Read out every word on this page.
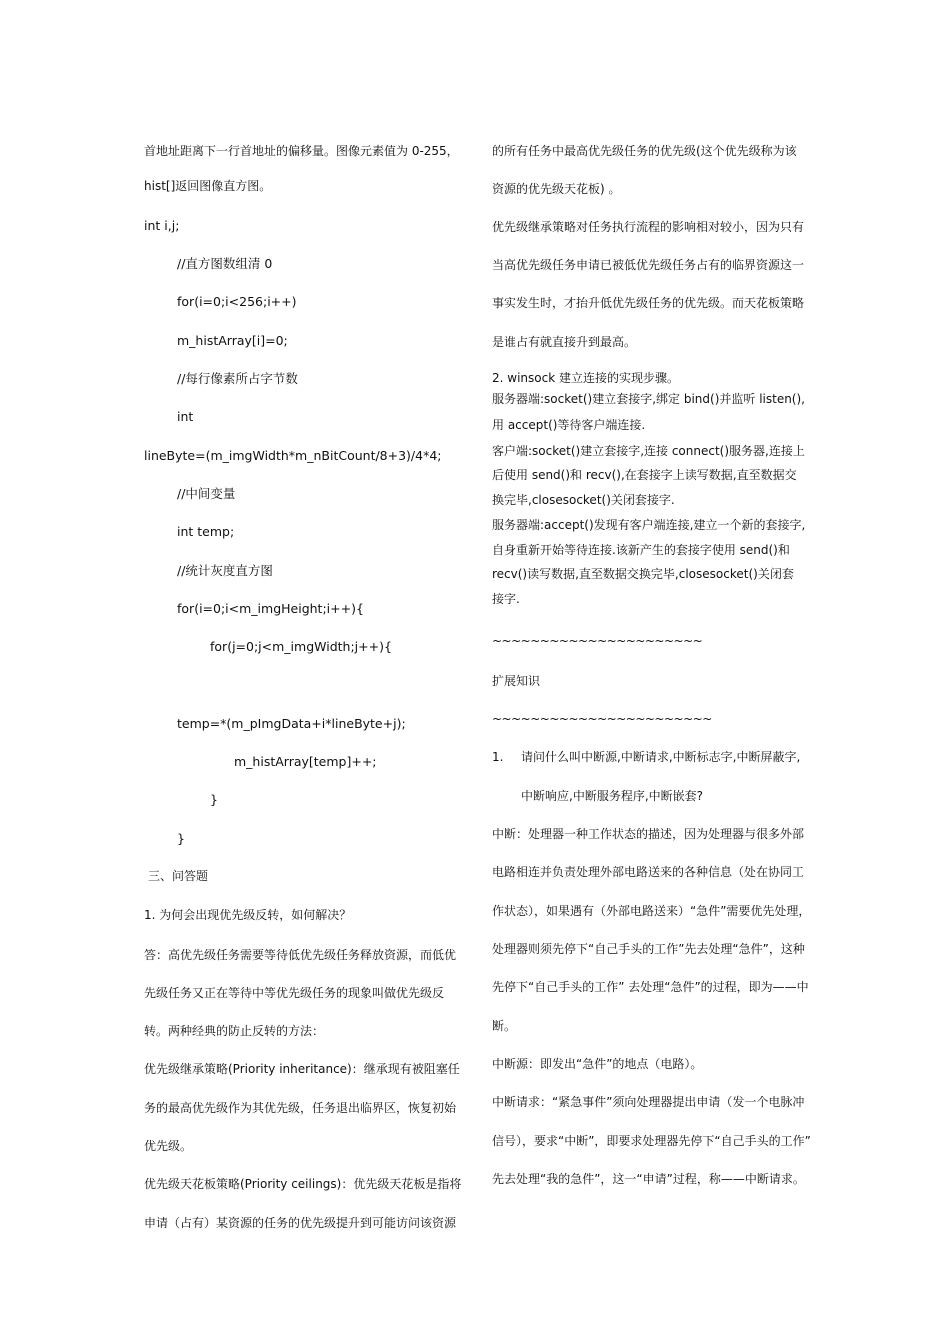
首地址距离下一行首地址的偏移量。图像元素值为 0-255，
hist[]返回图像直方图。
int i,j;
//直方图数组清 0
for(i=0;i<256;i++)
m_histArray[i]=0;
//每行像素所占字节数
int
lineByte=(m_imgWidth*m_nBitCount/8+3)/4*4;
//中间变量
int temp;
//统计灰度直方图
for(i=0;i<m_imgHeight;i++){
for(j=0;j<m_imgWidth;j++){
temp=*(m_pImgData+i*lineByte+j);
m_histArray[temp]++;
}
}
三、问答题
1. 为何会出现优先级反转，如何解决？
答：高优先级任务需要等待低优先级任务释放资源，而低优
先级任务又正在等待中等优先级任务的现象叫做优先级反
转。两种经典的防止反转的方法：
优先级继承策略(Priority inheritance)：继承现有被阻塞任
务的最高优先级作为其优先级，任务退出临界区，恢复初始
优先级。
优先级天花板策略(Priority ceilings)：优先级天花板是指将
申请（占有）某资源的任务的优先级提升到可能访问该资源
的所有任务中最高优先级任务的优先级(这个优先级称为该
资源的优先级天花板) 。
优先级继承策略对任务执行流程的影响相对较小，因为只有
当高优先级任务申请已被低优先级任务占有的临界资源这一
事实发生时，才抬升低优先级任务的优先级。而天花板策略
是谁占有就直接升到最高。
2. winsock 建立连接的实现步骤。
服务器端:socket()建立套接字,绑定 bind()并监听 listen(),
用 accept()等待客户端连接.
客户端:socket()建立套接字,连接 connect()服务器,连接上
后使用 send()和 recv(),在套接字上读写数据,直至数据交
换完毕,closesocket()关闭套接字.
服务器端:accept()发现有客户端连接,建立一个新的套接字,
自身重新开始等待连接.该新产生的套接字使用 send()和
recv()读写数据,直至数据交换完毕,closesocket()关闭套
接字.
~~~~~~~~~~~~~~~~~~~~~~
扩展知识
~~~~~~~~~~~~~~~~~~~~~~~
1. 请问什么叫中断源,中断请求,中断标志字,中断屏蔽字,
中断响应,中断服务程序,中断嵌套?
中断：处理器一种工作状态的描述，因为处理器与很多外部
电路相连并负责处理外部电路送来的各种信息（处在协同工
作状态），如果遇有（外部电路送来）“急件”需要优先处理，
处理器则须先停下“自己手头的工作”先去处理“急件”，这种
先停下“自己手头的工作” 去处理“急件”的过程，即为——中
断。
中断源：即发出“急件”的地点（电路）。
中断请求：“紧急事件”须向处理器提出申请（发一个电脉冲
信号），要求“中断”，即要求处理器先停下“自己手头的工作”
先去处理“我的急件”，这一“申请”过程，称——中断请求。
